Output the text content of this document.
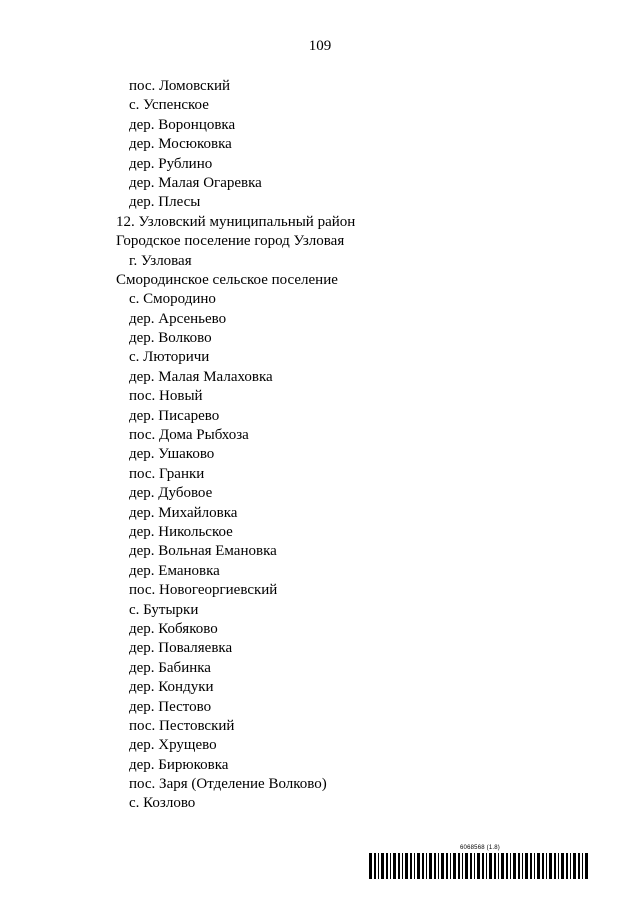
109
пос. Ломовский
с. Успенское
дер. Воронцовка
дер. Мосюковка
дер. Рублино
дер. Малая Огаревка
дер. Плесы
12. Узловский муниципальный район
Городское поселение город Узловая
г. Узловая
Смородинское сельское поселение
с. Смородино
дер. Арсеньево
дер. Волково
с. Люторичи
дер. Малая Малаховка
пос. Новый
дер. Писарево
пос. Дома Рыбхоза
дер. Ушаково
пос. Гранки
дер. Дубовое
дер. Михайловка
дер. Никольское
дер. Вольная Емановка
дер. Емановка
пос. Новогеоргиевский
с. Бутырки
дер. Кобяково
дер. Поваляевка
дер. Бабинка
дер. Кондуки
дер. Пестово
пос. Пестовский
дер. Хрущево
дер. Бирюковка
пос. Заря (Отделение Волково)
с. Козлово
6068568 (1.8)
